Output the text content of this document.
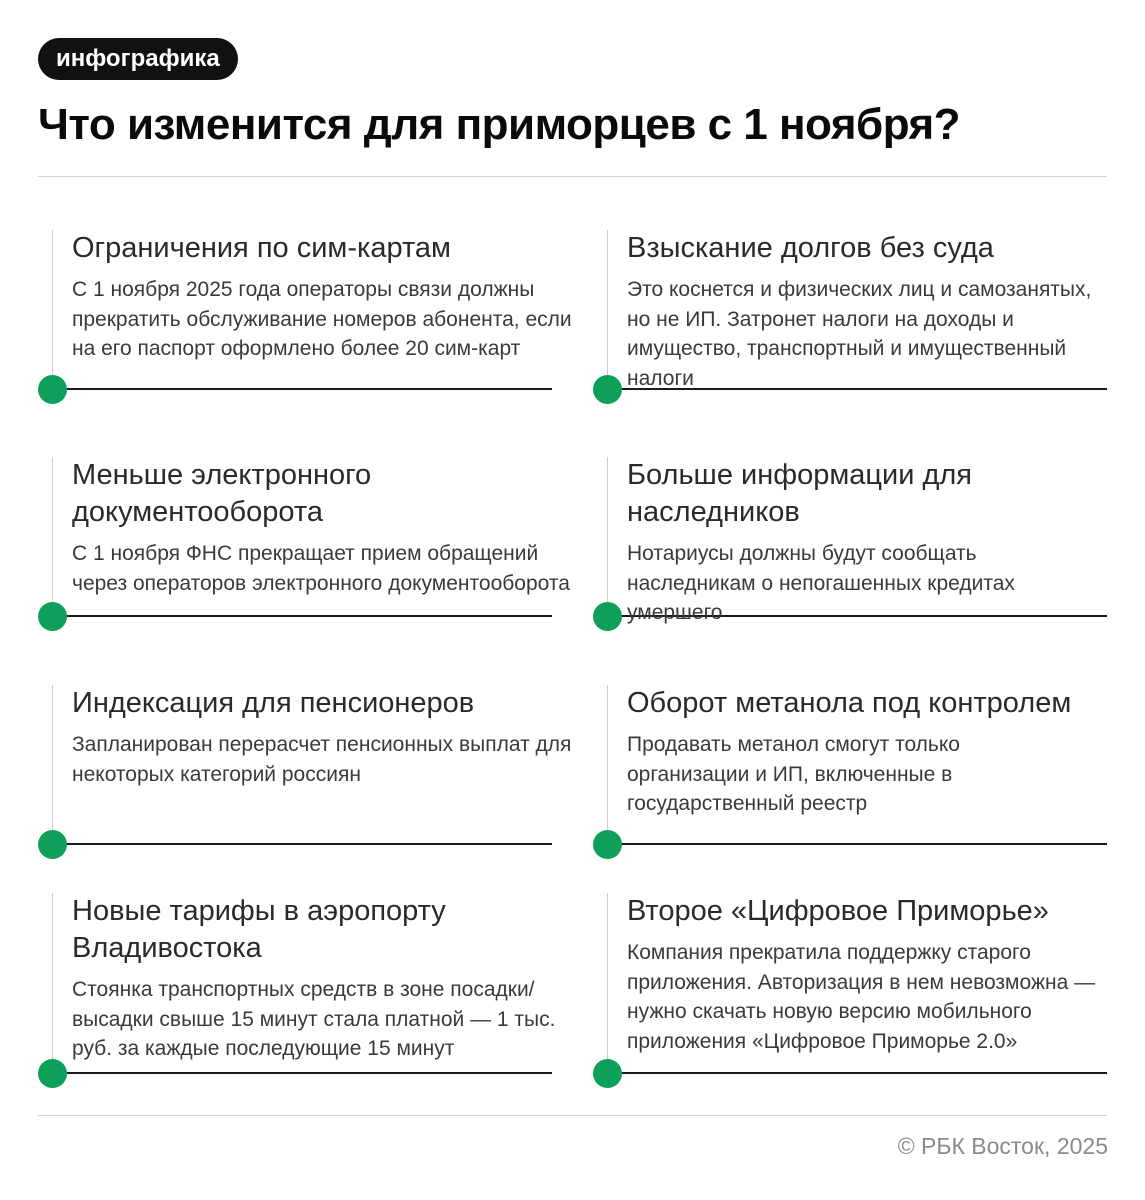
инфографика
Что изменится для приморцев с 1 ноября?
Ограничения по сим-картам

С 1 ноября 2025 года операторы связи должны прекратить обслуживание номеров абонента, если на его паспорт оформлено более 20 сим-карт

Взыскание долгов без суда

Это коснется и физических лиц и самозанятых, но не ИП. Затронет налоги на доходы и имущество, транспортный и имущественный налоги

Меньше электронного документооборота

С 1 ноября ФНС прекращает прием обращений через операторов электронного документооборота

Больше информации для наследников

Нотариусы должны будут сообщать наследникам о непогашенных кредитах умершего

Индексация для пенсионеров

Запланирован перерасчет пенсионных выплат для некоторых категорий россиян

Оборот метанола под контролем

Продавать метанол смогут только организации и ИП, включенные в государственный реестр

Новые тарифы в аэропорту Владивостока

Стоянка транспортных средств в зоне посадки/высадки свыше 15 минут стала платной — 1 тыс. руб. за каждые последующие 15 минут

Второе «Цифровое Приморье»

Компания прекратила поддержку старого приложения. Авторизация в нем невозможна — нужно скачать новую версию мобильного приложения «Цифровое Приморье 2.0»

© РБК Восток, 2025
